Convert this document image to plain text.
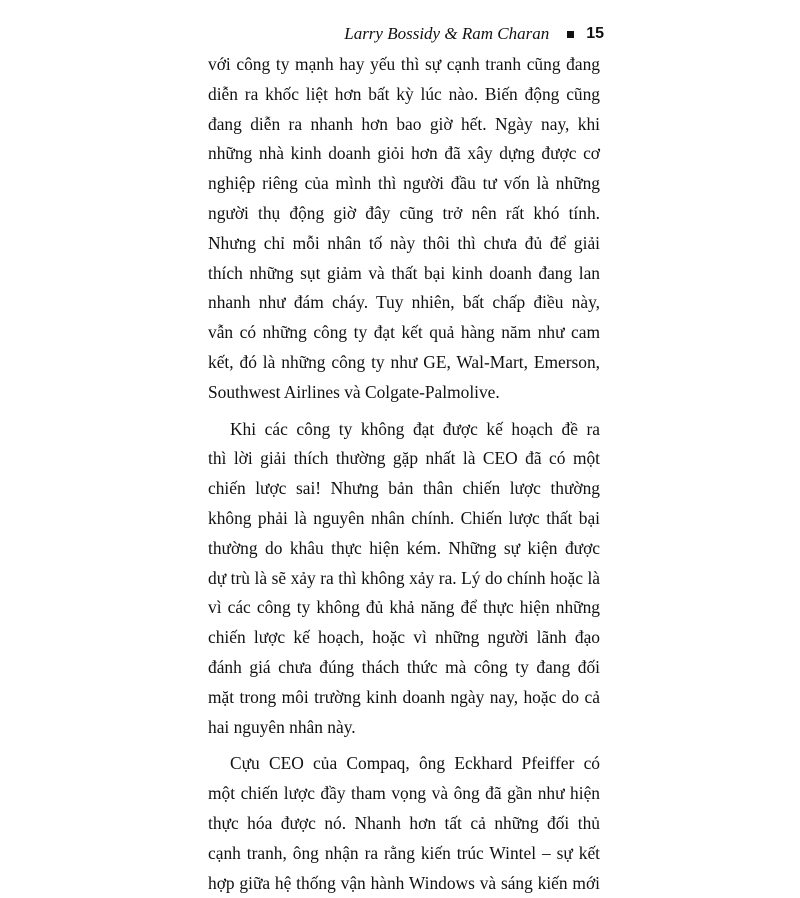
Larry Bossidy & Ram Charan 15
với công ty mạnh hay yếu thì sự cạnh tranh cũng đang
diễn ra khốc liệt hơn bất kỳ lúc nào. Biến động cũng
đang diễn ra nhanh hơn bao giờ hết. Ngày nay, khi
những nhà kinh doanh giỏi hơn đã xây dựng được cơ
nghiệp riêng của mình thì người đầu tư vốn là những
người thụ động giờ đây cũng trở nên rất khó tính.
Nhưng chỉ mỗi nhân tố này thôi thì chưa đủ để giải
thích những sụt giảm và thất bại kinh doanh đang lan
nhanh như đám cháy. Tuy nhiên, bất chấp điều này,
vẫn có những công ty đạt kết quả hàng năm như cam
kết, đó là những công ty như GE, Wal-Mart, Emerson,
Southwest Airlines và Colgate-Palmolive.
Khi các công ty không đạt được kế hoạch đề ra
thì lời giải thích thường gặp nhất là CEO đã có một
chiến lược sai! Nhưng bản thân chiến lược thường
không phải là nguyên nhân chính. Chiến lược thất bại
thường do khâu thực hiện kém. Những sự kiện được
dự trù là sẽ xảy ra thì không xảy ra. Lý do chính hoặc là
vì các công ty không đủ khả năng để thực hiện những
chiến lược kế hoạch, hoặc vì những người lãnh đạo
đánh giá chưa đúng thách thức mà công ty đang đối
mặt trong môi trường kinh doanh ngày nay, hoặc do cả
hai nguyên nhân này.
Cựu CEO của Compaq, ông Eckhard Pfeiffer có
một chiến lược đầy tham vọng và ông đã gần như hiện
thực hóa được nó. Nhanh hơn tất cả những đối thủ
cạnh tranh, ông nhận ra rằng kiến trúc Wintel – sự kết
hợp giữa hệ thống vận hành Windows và sáng kiến mới
